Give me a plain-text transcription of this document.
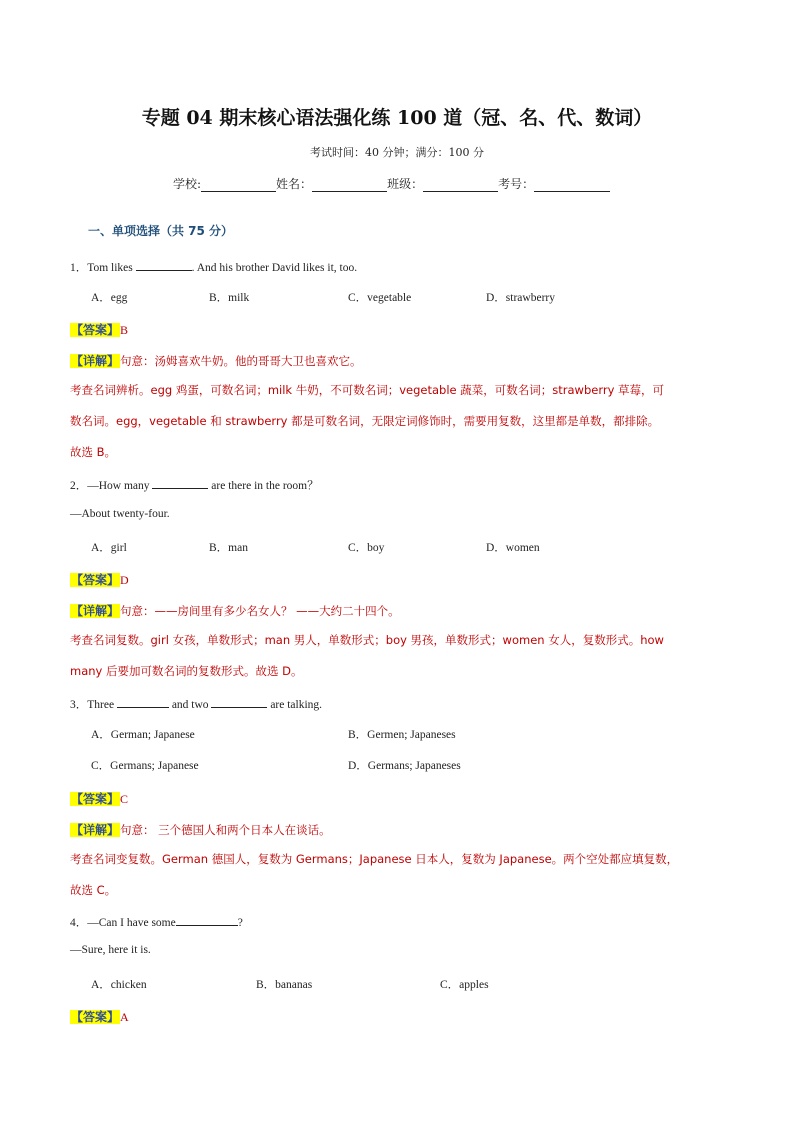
专题 04 期末核心语法强化练 100 道（冠、名、代、数词）
考试时间：40 分钟；满分：100 分
学校:	姓名：	班级：	考号：
一、单项选择（共 75 分）
1．Tom likes	. And his brother David likes it, too.
A．egg	B．milk	C．vegetable	D．strawberry
【答案】B
【详解】句意：汤姆喜欢牛奶。他的哥哥大卫也喜欢它。
考查名词辨析。egg 鸡蛋，可数名词；milk 牛奶，不可数名词；vegetable 蔬菜，可数名词；strawberry 草莓，可
数名词。egg，vegetable 和 strawberry 都是可数名词，无限定词修饰时，需要用复数，这里都是单数，都排除。
故选 B。
2．—How many	are there in the room？
—About twenty-four.
A．girl	B．man	C．boy	D．women
【答案】D
【详解】句意：——房间里有多少名女人？ ——大约二十四个。
考查名词复数。girl 女孩，单数形式；man 男人，单数形式；boy 男孩，单数形式；women 女人，复数形式。how
many 后要加可数名词的复数形式。故选 D。
3．Three	and two	are talking.
A．German; Japanese	B．Germen; Japaneses
C．Germans; Japanese	D．Germans; Japaneses
【答案】C
【详解】句意： 三个德国人和两个日本人在谈话。
考查名词变复数。German 德国人，复数为 Germans；Japanese 日本人，复数为 Japanese。两个空处都应填复数，
故选 C。
4．—Can I have some	?
—Sure, here it is.
A．chicken	B．bananas	C．apples
【答案】A
